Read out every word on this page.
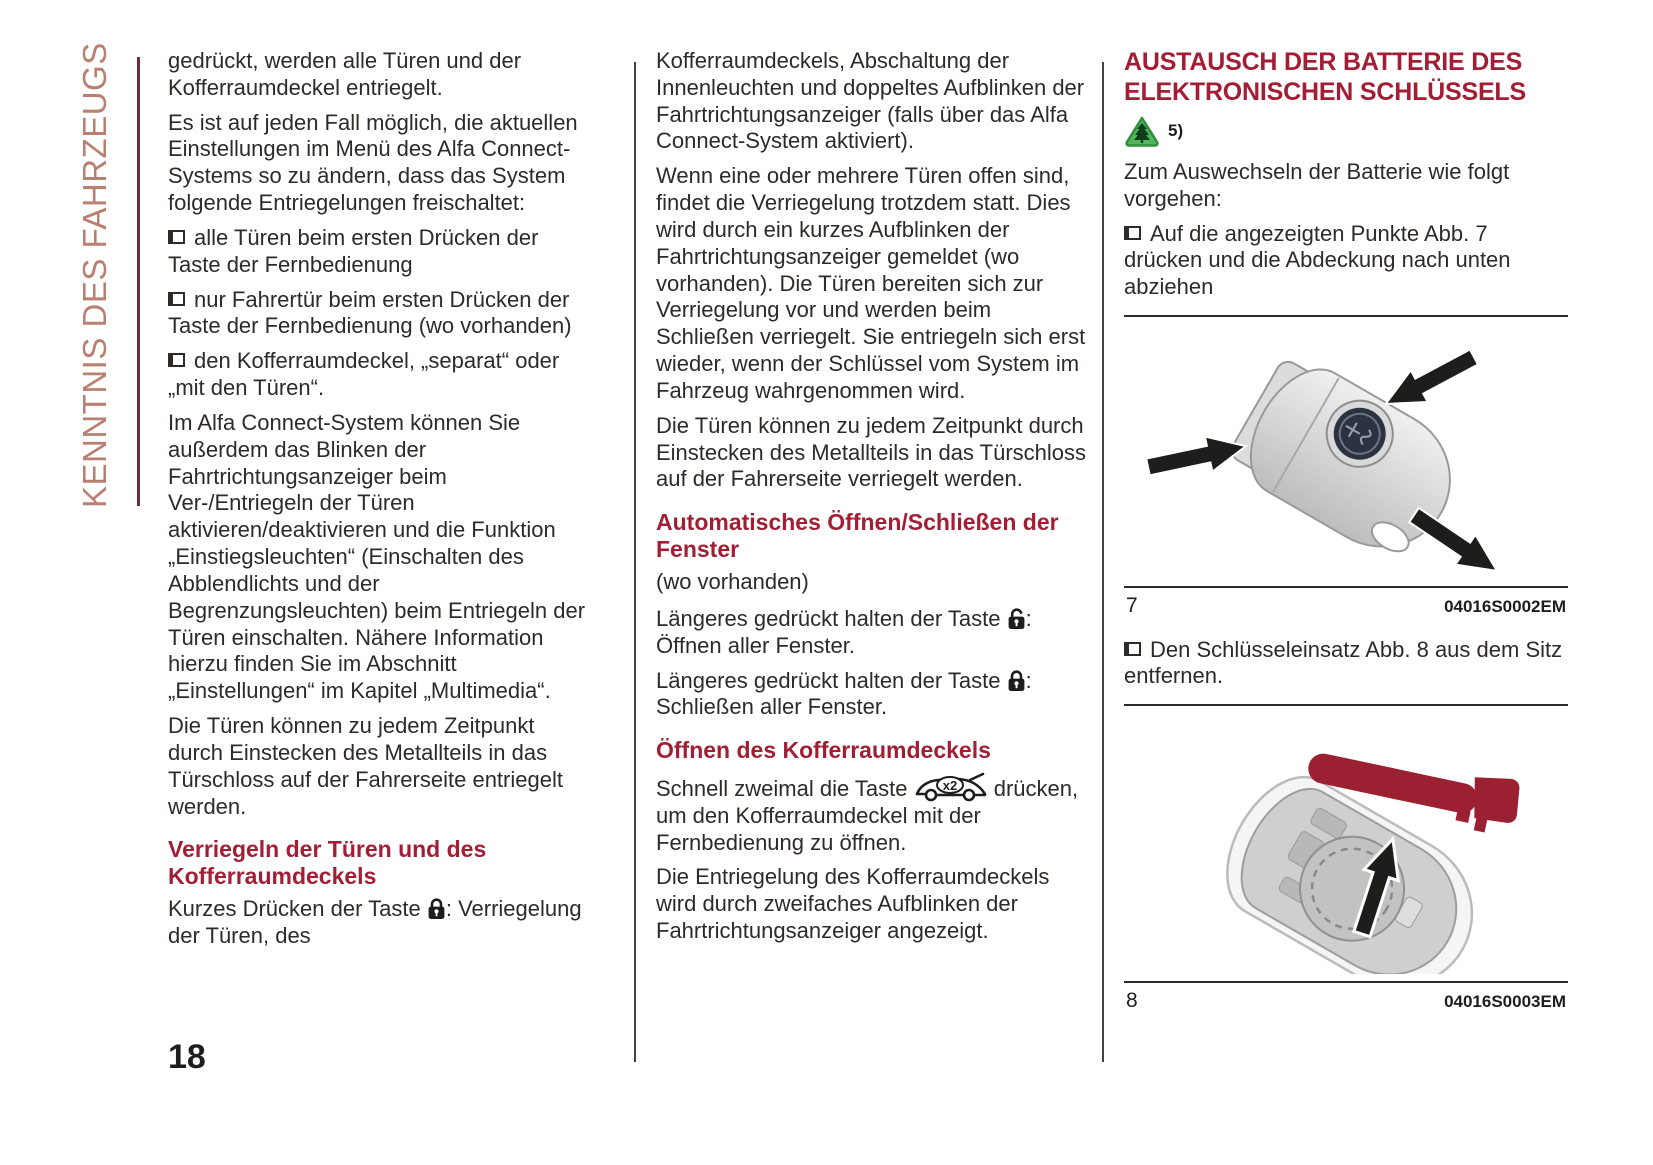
KENNTNIS DES FAHRZEUGS	gedrückt, werden alle Türen und der Kofferraumdeckel entriegelt.

Es ist auf jeden Fall möglich, die aktuellen Einstellungen im Menü des Alfa Connect-Systems so zu ändern, dass das System folgende Entriegelungen freischaltet:

alle Türen beim ersten Drücken der Taste der Fernbedienung

nur Fahrertür beim ersten Drücken der Taste der Fernbedienung (wo vorhanden)

den Kofferraumdeckel, „separat“ oder „mit den Türen“.

Im Alfa Connect-System können Sie außerdem das Blinken der Fahrtrichtungsanzeiger beim Ver-/Entriegeln der Türen aktivieren/deaktivieren und die Funktion „Einstiegsleuchten“ (Einschalten des Abblendlichts und der Begrenzungsleuchten) beim Entriegeln der Türen einschalten. Nähere Information hierzu finden Sie im Abschnitt „Einstellungen“ im Kapitel „Multimedia“.

Die Türen können zu jedem Zeitpunkt durch Einstecken des Metallteils in das Türschloss auf der Fahrerseite entriegelt werden.

Verriegeln der Türen und des Kofferraumdeckels

Kurzes Drücken der Taste : Verriegelung der Türen, des

Kofferraumdeckels, Abschaltung der Innenleuchten und doppeltes Aufblinken der Fahrtrichtungsanzeiger (falls über das Alfa Connect-System aktiviert).

Wenn eine oder mehrere Türen offen sind, findet die Verriegelung trotzdem statt. Dies wird durch ein kurzes Aufblinken der Fahrtrichtungsanzeiger gemeldet (wo vorhanden). Die Türen bereiten sich zur Verriegelung vor und werden beim Schließen verriegelt. Sie entriegeln sich erst wieder, wenn der Schlüssel vom System im Fahrzeug wahrgenommen wird.

Die Türen können zu jedem Zeitpunkt durch Einstecken des Metallteils in das Türschloss auf der Fahrerseite verriegelt werden.

Automatisches Öffnen/Schließen der Fenster

(wo vorhanden)

Längeres gedrückt halten der Taste : Öffnen aller Fenster.

Längeres gedrückt halten der Taste : Schließen aller Fenster.

Öffnen des Kofferraumdeckels

Schnell zweimal die Taste	x2 drücken, um den Kofferraumdeckel mit der Fernbedienung zu öffnen.

Die Entriegelung des Kofferraumdeckels wird durch zweifaches Aufblinken der Fahrtrichtungsanzeiger angezeigt.

AUSTAUSCH DER BATTERIE DES ELEKTRONISCHEN SCHLÜSSELS
5)

Zum Auswechseln der Batterie wie folgt vorgehen:

Auf die angezeigten Punkte Abb. 7 drücken und die Abdeckung nach unten abziehen

7	04016S0002EM

Den Schlüsseleinsatz Abb. 8 aus dem Sitz entfernen.

8	04016S0003EM
18
